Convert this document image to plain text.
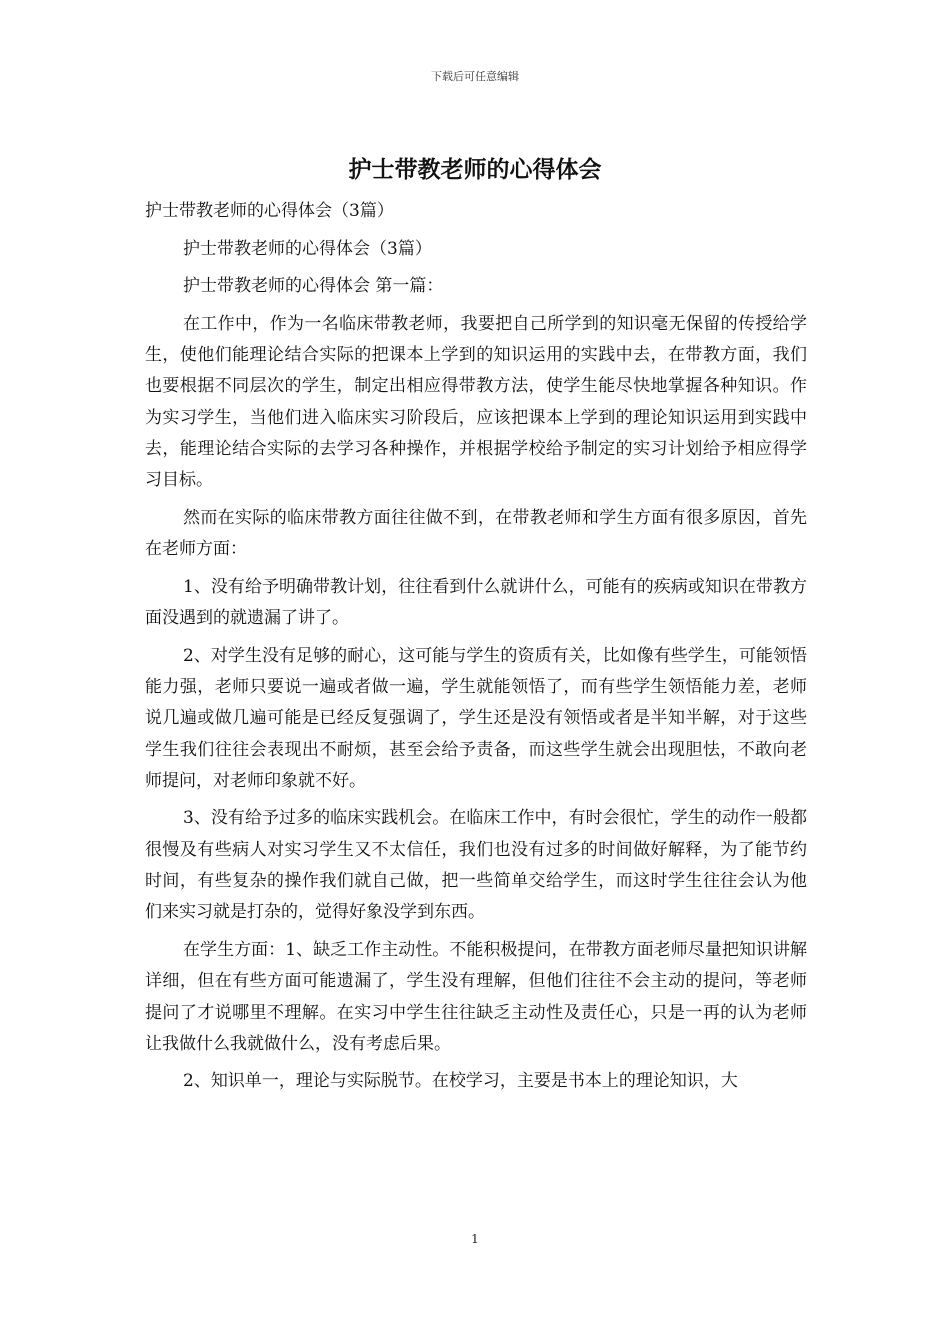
下载后可任意编辑
护士带教老师的心得体会

护士带教老师的心得体会（3篇）

护士带教老师的心得体会（3篇）

护士带教老师的心得体会 第一篇：

在工作中，作为一名临床带教老师，我要把自己所学到的知识毫无保留的传授给学生，使他们能理论结合实际的把课本上学到的知识运用的实践中去，在带教方面，我们也要根据不同层次的学生，制定出相应得带教方法，使学生能尽快地掌握各种知识。作为实习学生，当他们进入临床实习阶段后，应该把课本上学到的理论知识运用到实践中去，能理论结合实际的去学习各种操作，并根据学校给予制定的实习计划给予相应得学习目标。

然而在实际的临床带教方面往往做不到，在带教老师和学生方面有很多原因，首先在老师方面：

1、没有给予明确带教计划，往往看到什么就讲什么，可能有的疾病或知识在带教方面没遇到的就遗漏了讲了。

2、对学生没有足够的耐心，这可能与学生的资质有关，比如像有些学生，可能领悟能力强，老师只要说一遍或者做一遍，学生就能领悟了，而有些学生领悟能力差，老师说几遍或做几遍可能是已经反复强调了，学生还是没有领悟或者是半知半解，对于这些学生我们往往会表现出不耐烦，甚至会给予责备，而这些学生就会出现胆怯，不敢向老师提问，对老师印象就不好。

3、没有给予过多的临床实践机会。在临床工作中，有时会很忙，学生的动作一般都很慢及有些病人对实习学生又不太信任，我们也没有过多的时间做好解释，为了能节约时间，有些复杂的操作我们就自己做，把一些简单交给学生，而这时学生往往会认为他们来实习就是打杂的，觉得好象没学到东西。

在学生方面：1、缺乏工作主动性。不能积极提问，在带教方面老师尽量把知识讲解详细，但在有些方面可能遗漏了，学生没有理解，但他们往往不会主动的提问，等老师提问了才说哪里不理解。在实习中学生往往缺乏主动性及责任心，只是一再的认为老师让我做什么我就做什么，没有考虑后果。

2、知识单一，理论与实际脱节。在校学习，主要是书本上的理论知识，大

1
